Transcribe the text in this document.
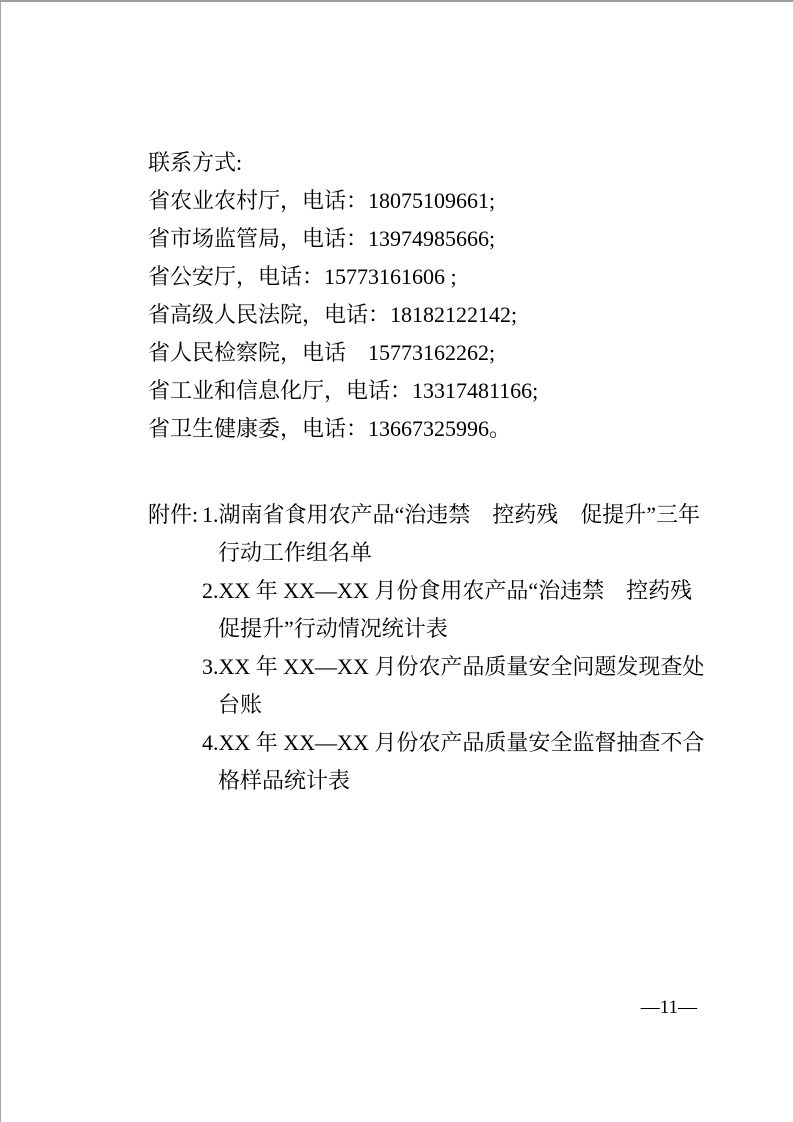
联系方式:
省农业农村厅，电话：18075109661;
省市场监管局，电话：13974985666;
省公安厅，电话：15773161606 ;
省高级人民法院，电话：18182122142;
省人民检察院，电话　15773162262;
省工业和信息化厅，电话：13317481166;
省卫生健康委，电话：13667325996。
附件: 1.湖南省食用农产品“治违禁　控药残　促提升”三年
行动工作组名单
2.XX 年 XX—XX 月份食用农产品“治违禁　控药残
促提升”行动情况统计表
3.XX 年 XX—XX 月份农产品质量安全问题发现查处
台账
4.XX 年 XX—XX 月份农产品质量安全监督抽查不合
格样品统计表
—11—
